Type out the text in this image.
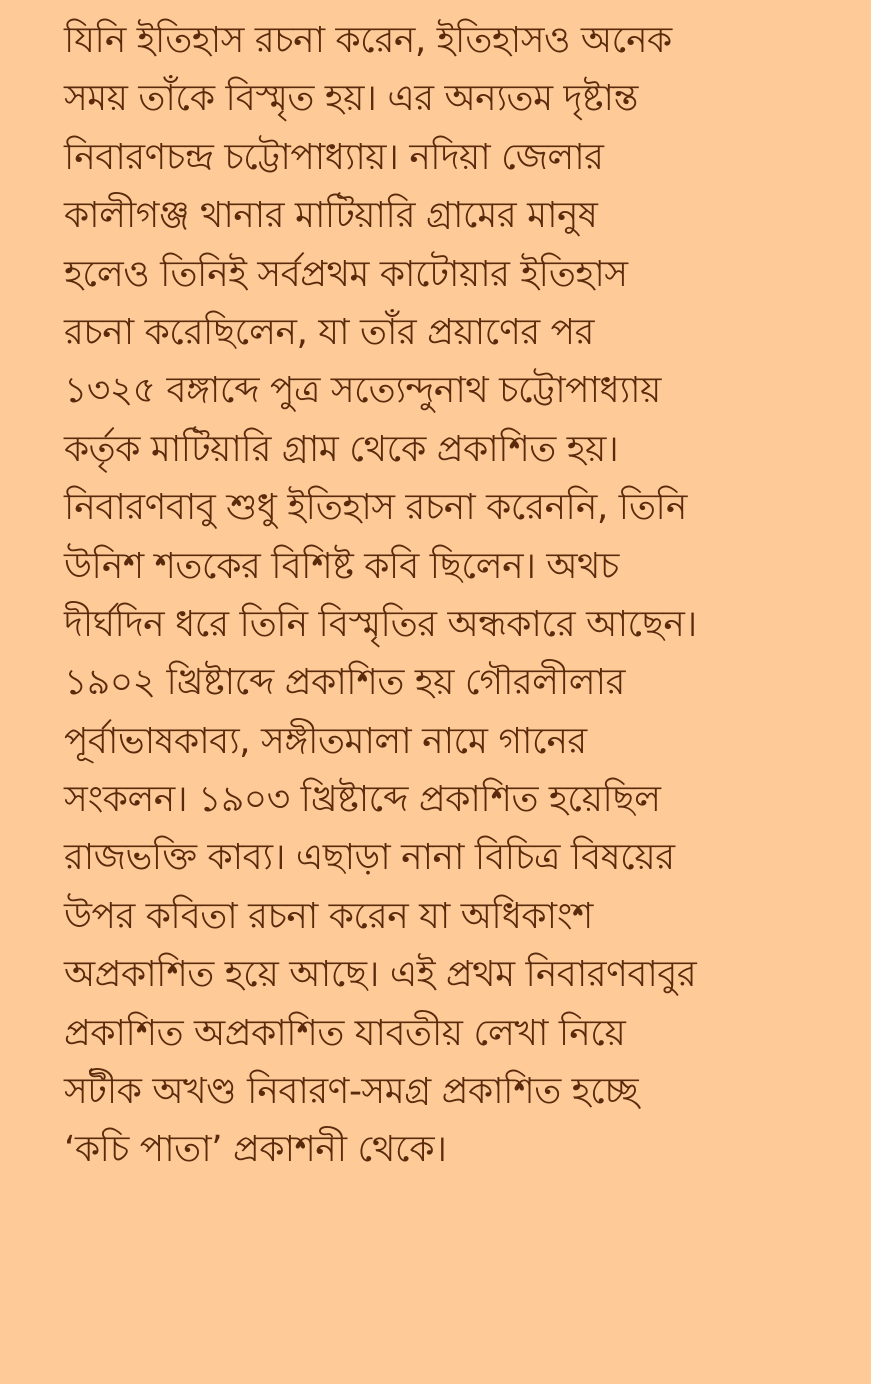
যিনি ইতিহাস রচনা করেন, ইতিহাসও অনেক
সময় তাঁকে বিস্মৃত হয়। এর অন্যতম দৃষ্টান্ত
নিবারণচন্দ্র চট্টোপাধ্যায়। নদিয়া জেলার
কালীগঞ্জ থানার মাটিয়ারি গ্রামের মানুষ
হলেও তিনিই সর্বপ্রথম কাটোয়ার ইতিহাস
রচনা করেছিলেন, যা তাঁর প্রয়াণের পর
১৩২৫ বঙ্গাব্দে পুত্র সত্যেন্দুনাথ চট্টোপাধ্যায়
কর্তৃক মাটিয়ারি গ্রাম থেকে প্রকাশিত হয়।
নিবারণবাবু শুধু ইতিহাস রচনা করেননি, তিনি
উনিশ শতকের বিশিষ্ট কবি ছিলেন। অথচ
দীর্ঘদিন ধরে তিনি বিস্মৃতির অন্ধকারে আছেন।
১৯০২ খ্রিষ্টাব্দে প্রকাশিত হয় গৌরলীলার
পূর্বাভাষকাব্য, সঙ্গীতমালা নামে গানের
সংকলন। ১৯০৩ খ্রিষ্টাব্দে প্রকাশিত হয়েছিল
রাজভক্তি কাব্য। এছাড়া নানা বিচিত্র বিষয়ের
উপর কবিতা রচনা করেন যা অধিকাংশ
অপ্রকাশিত হয়ে আছে। এই প্রথম নিবারণবাবুর
প্রকাশিত অপ্রকাশিত যাবতীয় লেখা নিয়ে
সটীক অখণ্ড নিবারণ-সমগ্র প্রকাশিত হচ্ছে
‘কচি পাতা’ প্রকাশনী থেকে।
